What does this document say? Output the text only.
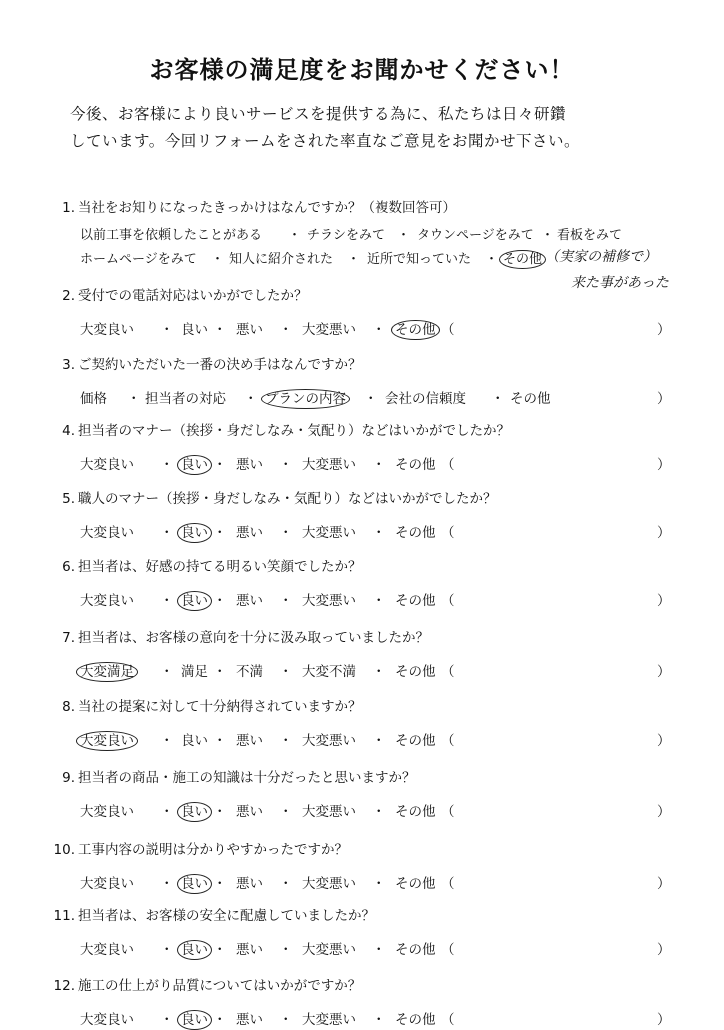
お客様の満足度をお聞かせください！
今後、お客様により良いサービスを提供する為に、私たちは日々研鑽
しています。今回リフォームをされた率直なご意見をお聞かせ下さい。
1. 当社をお知りになったきっかけはなんですか？（複数回答可）
以前工事を依頼したことがある ・ チラシをみて ・ タウンページをみて ・ 看板をみて
ホームページをみて ・ 知人に紹介された ・ 近所で知っていた ・ その他 （実家の補修で）
来た事があった
2. 受付での電話対応はいかがでしたか？
大変良い ・ 良い ・ 悪い ・ 大変悪い ・ その他 （	）
3. ご契約いただいた一番の決め手はなんですか？
価格 ・ 担当者の対応 ・ プランの内容 ・ 会社の信頼度 ・ その他	）
4. 担当者のマナー（挨拶・身だしなみ・気配り）などはいかがでしたか？
大変良い ・ 良い ・ 悪い ・ 大変悪い ・ その他 （	）
5. 職人のマナー（挨拶・身だしなみ・気配り）などはいかがでしたか？
大変良い ・ 良い ・ 悪い ・ 大変悪い ・ その他 （	）
6. 担当者は、好感の持てる明るい笑顔でしたか？
大変良い ・ 良い ・ 悪い ・ 大変悪い ・ その他 （	）
7. 担当者は、お客様の意向を十分に汲み取っていましたか？
大変満足 ・ 満足 ・ 不満 ・ 大変不満 ・ その他 （	）
8. 当社の提案に対して十分納得されていますか？
大変良い ・ 良い ・ 悪い ・ 大変悪い ・ その他 （	）
9. 担当者の商品・施工の知識は十分だったと思いますか？
大変良い ・ 良い ・ 悪い ・ 大変悪い ・ その他 （	）
10. 工事内容の説明は分かりやすかったですか？
大変良い ・ 良い ・ 悪い ・ 大変悪い ・ その他 （	）
11. 担当者は、お客様の安全に配慮していましたか？
大変良い ・ 良い ・ 悪い ・ 大変悪い ・ その他 （	）
12. 施工の仕上がり品質についてはいかがですか？
大変良い ・ 良い ・ 悪い ・ 大変悪い ・ その他 （	）
